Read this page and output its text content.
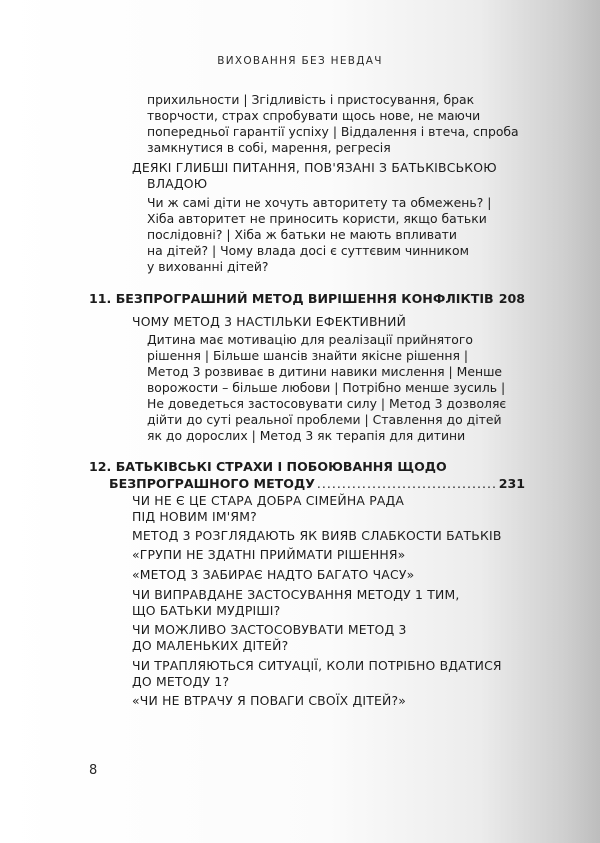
ВИХОВАННЯ БЕЗ НЕВДАЧ
прихильности | Згідливість і пристосування, брак
творчости, страх спробувати щось нове, не маючи
попередньої гарантії успіху | Віддалення і втеча, спроба
замкнутися в собі, марення, регресія
ДЕЯКІ ГЛИБШІ ПИТАННЯ, ПОВ'ЯЗАНІ З БАТЬКІВСЬКОЮ
ВЛАДОЮ
Чи ж самі діти не хочуть авторитету та обмежень? |
Хіба авторитет не приносить користи, якщо батьки
послідовні? | Хіба ж батьки не мають впливати
на дітей? | Чому влада досі є суттєвим чинником
у вихованні дітей?
11. БЕЗПРОГРАШНИЙ МЕТОД ВИРІШЕННЯ КОНФЛІКТІВ ..... 208
ЧОМУ МЕТОД 3 НАСТІЛЬКИ ЕФЕКТИВНИЙ
Дитина має мотивацію для реалізації прийнятого
рішення | Більше шансів знайти якісне рішення |
Метод 3 розвиває в дитини навики мислення | Менше
ворожости – більше любови | Потрібно менше зусиль |
Не доведеться застосовувати силу | Метод 3 дозволяє
дійти до суті реальної проблеми | Ставлення до дітей
як до дорослих | Метод 3 як терапія для дитини
12. БАТЬКІВСЬКІ СТРАХИ І ПОБОЮВАННЯ ЩОДО
БЕЗПРОГРАШНОГО МЕТОДУ .....	231
ЧИ НЕ Є ЦЕ СТАРА ДОБРА СІМЕЙНА РАДА
ПІД НОВИМ ІМ'ЯМ?
МЕТОД 3 РОЗГЛЯДАЮТЬ ЯК ВИЯВ СЛАБКОСТИ БАТЬКІВ
«ГРУПИ НЕ ЗДАТНІ ПРИЙМАТИ РІШЕННЯ»
«МЕТОД 3 ЗАБИРАЄ НАДТО БАГАТО ЧАСУ»
ЧИ ВИПРАВДАНЕ ЗАСТОСУВАННЯ МЕТОДУ 1 ТИМ,
ЩО БАТЬКИ МУДРІШІ?
ЧИ МОЖЛИВО ЗАСТОСОВУВАТИ МЕТОД 3
ДО МАЛЕНЬКИХ ДІТЕЙ?
ЧИ ТРАПЛЯЮТЬСЯ СИТУАЦІЇ, КОЛИ ПОТРІБНО ВДАТИСЯ
ДО МЕТОДУ 1?
«ЧИ НЕ ВТРАЧУ Я ПОВАГИ СВОЇХ ДІТЕЙ?»
8
